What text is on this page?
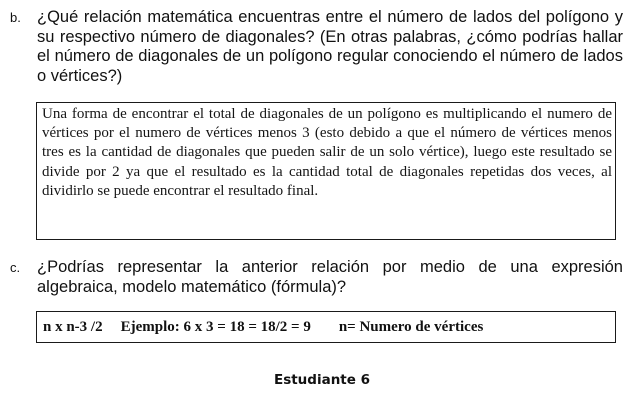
b. ¿Qué relación matemática encuentras entre el número de lados del polígono y su respectivo número de diagonales? (En otras palabras, ¿cómo podrías hallar el número de diagonales de un polígono regular conociendo el número de lados o vértices?)
Una forma de encontrar el total de diagonales de un polígono es multiplicando el numero de vértices por el numero de vértices menos 3 (esto debido a que el número de vértices menos tres es la cantidad de diagonales que pueden salir de un solo vértice), luego este resultado se divide por 2 ya que el resultado es la cantidad total de diagonales repetidas dos veces, al dividirlo se puede encontrar el resultado final.
c. ¿Podrías representar la anterior relación por medio de una expresión algebraica, modelo matemático (fórmula)?
n x n-3 /2 Ejemplo: 6 x 3 = 18 = 18/2 = 9 n= Numero de vértices
Estudiante 6
